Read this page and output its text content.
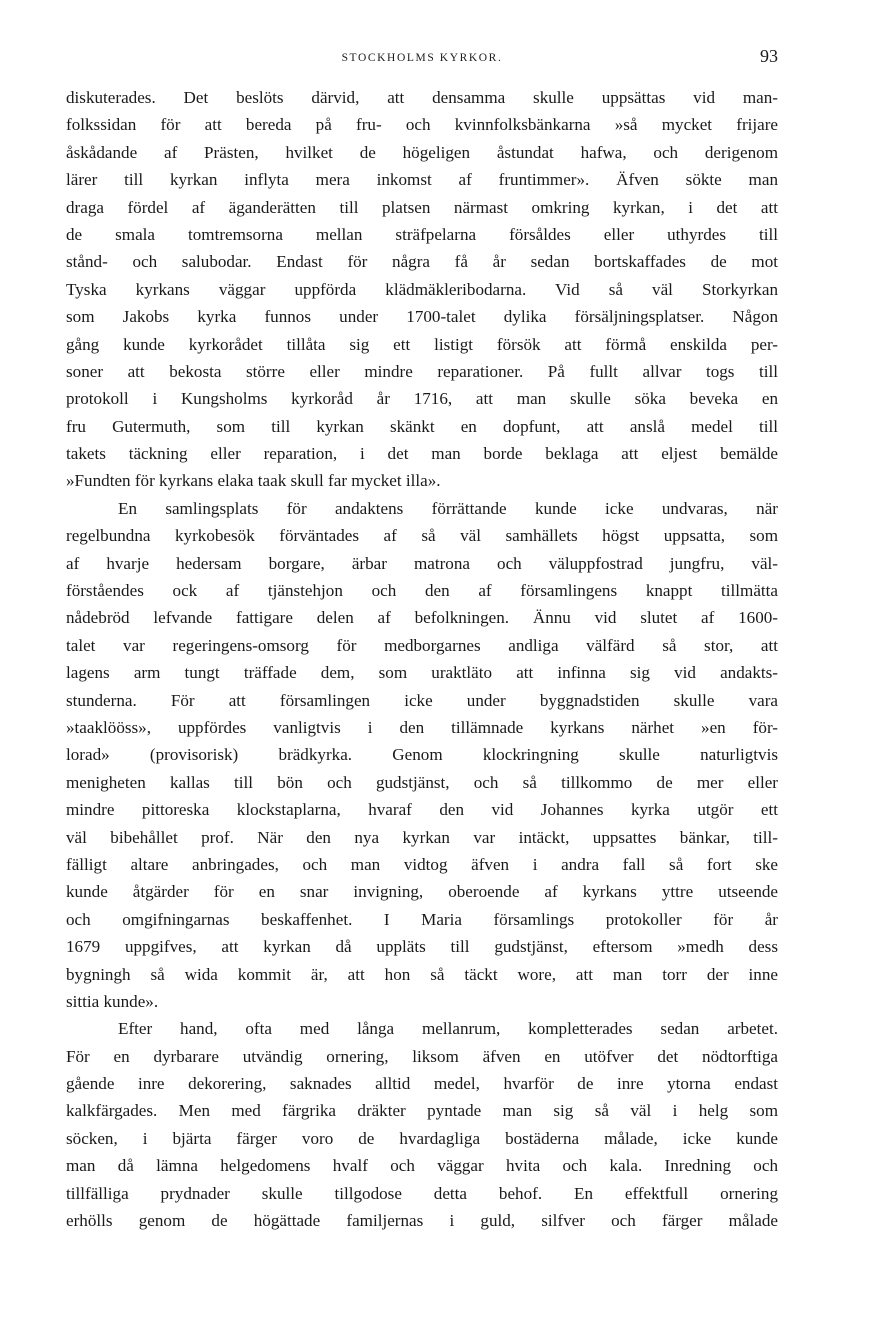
STOCKHOLMS KYRKOR.	93
diskuterades. Det beslöts därvid, att densamma skulle uppsättas vid man-
folkssidan för att bereda på fru- och kvinnfolksbänkarna »så mycket frijare
åskådande af Prästen, hvilket de högeligen åstundat hafwa, och derigenom
lärer till kyrkan inflyta mera inkomst af fruntimmer». Äfven sökte man
draga fördel af äganderätten till platsen närmast omkring kyrkan, i det att
de smala tomtremsorna mellan sträfpelarna försåldes eller uthyrdes till
stånd- och salubodar. Endast för några få år sedan bortskaffades de mot
Tyska kyrkans väggar uppförda klädmäkleribodarna. Vid så väl Storkyrkan
som Jakobs kyrka funnos under 1700-talet dylika försäljningsplatser. Någon
gång kunde kyrkorådet tillåta sig ett listigt försök att förmå enskilda per-
soner att bekosta större eller mindre reparationer. På fullt allvar togs till
protokoll i Kungsholms kyrkoråd år 1716, att man skulle söka beveka en
fru Gutermuth, som till kyrkan skänkt en dopfunt, att anslå medel till
takets täckning eller reparation, i det man borde beklaga att eljest bemälde
»Fundten för kyrkans elaka taak skull far mycket illa».
En samlingsplats för andaktens förrättande kunde icke undvaras, när
regelbundna kyrkobesök förväntades af så väl samhällets högst uppsatta, som
af hvarje hedersam borgare, ärbar matrona och väluppfostrad jungfru, väl-
förståendes ock af tjänstehjon och den af församlingens knappt tillmätta
nådebröd lefvande fattigare delen af befolkningen. Ännu vid slutet af 1600-
talet var regeringens-omsorg för medborgarnes andliga välfärd så stor, att
lagens arm tungt träffade dem, som uraktläto att infinna sig vid andakts-
stunderna. För att församlingen icke under byggnadstiden skulle vara
»taaklööss», uppfördes vanligtvis i den tillämnade kyrkans närhet »en för-
lorad» (provisorisk) brädkyrka. Genom klockringning skulle naturligtvis
menigheten kallas till bön och gudstjänst, och så tillkommo de mer eller
mindre pittoreska klockstaplarna, hvaraf den vid Johannes kyrka utgör ett
väl bibehållet prof. När den nya kyrkan var intäckt, uppsattes bänkar, till-
fälligt altare anbringades, och man vidtog äfven i andra fall så fort ske
kunde åtgärder för en snar invigning, oberoende af kyrkans yttre utseende
och omgifningarnas beskaffenhet. I Maria församlings protokoller för år
1679 uppgifves, att kyrkan då uppläts till gudstjänst, eftersom »medh dess
bygningh så wida kommit är, att hon så täckt wore, att man torr der inne
sittia kunde».
Efter hand, ofta med långa mellanrum, kompletterades sedan arbetet.
För en dyrbarare utvändig ornering, liksom äfven en utöfver det nödtorftiga
gående inre dekorering, saknades alltid medel, hvarför de inre ytorna endast
kalkfärgades. Men med färgrika dräkter pyntade man sig så väl i helg som
söcken, i bjärta färger voro de hvardagliga bostäderna målade, icke kunde
man då lämna helgedomens hvalf och väggar hvita och kala. Inredning och
tillfälliga prydnader skulle tillgodose detta behof. En effektfull ornering
erhölls genom de högättade familjernas i guld, silfver och färger målade
